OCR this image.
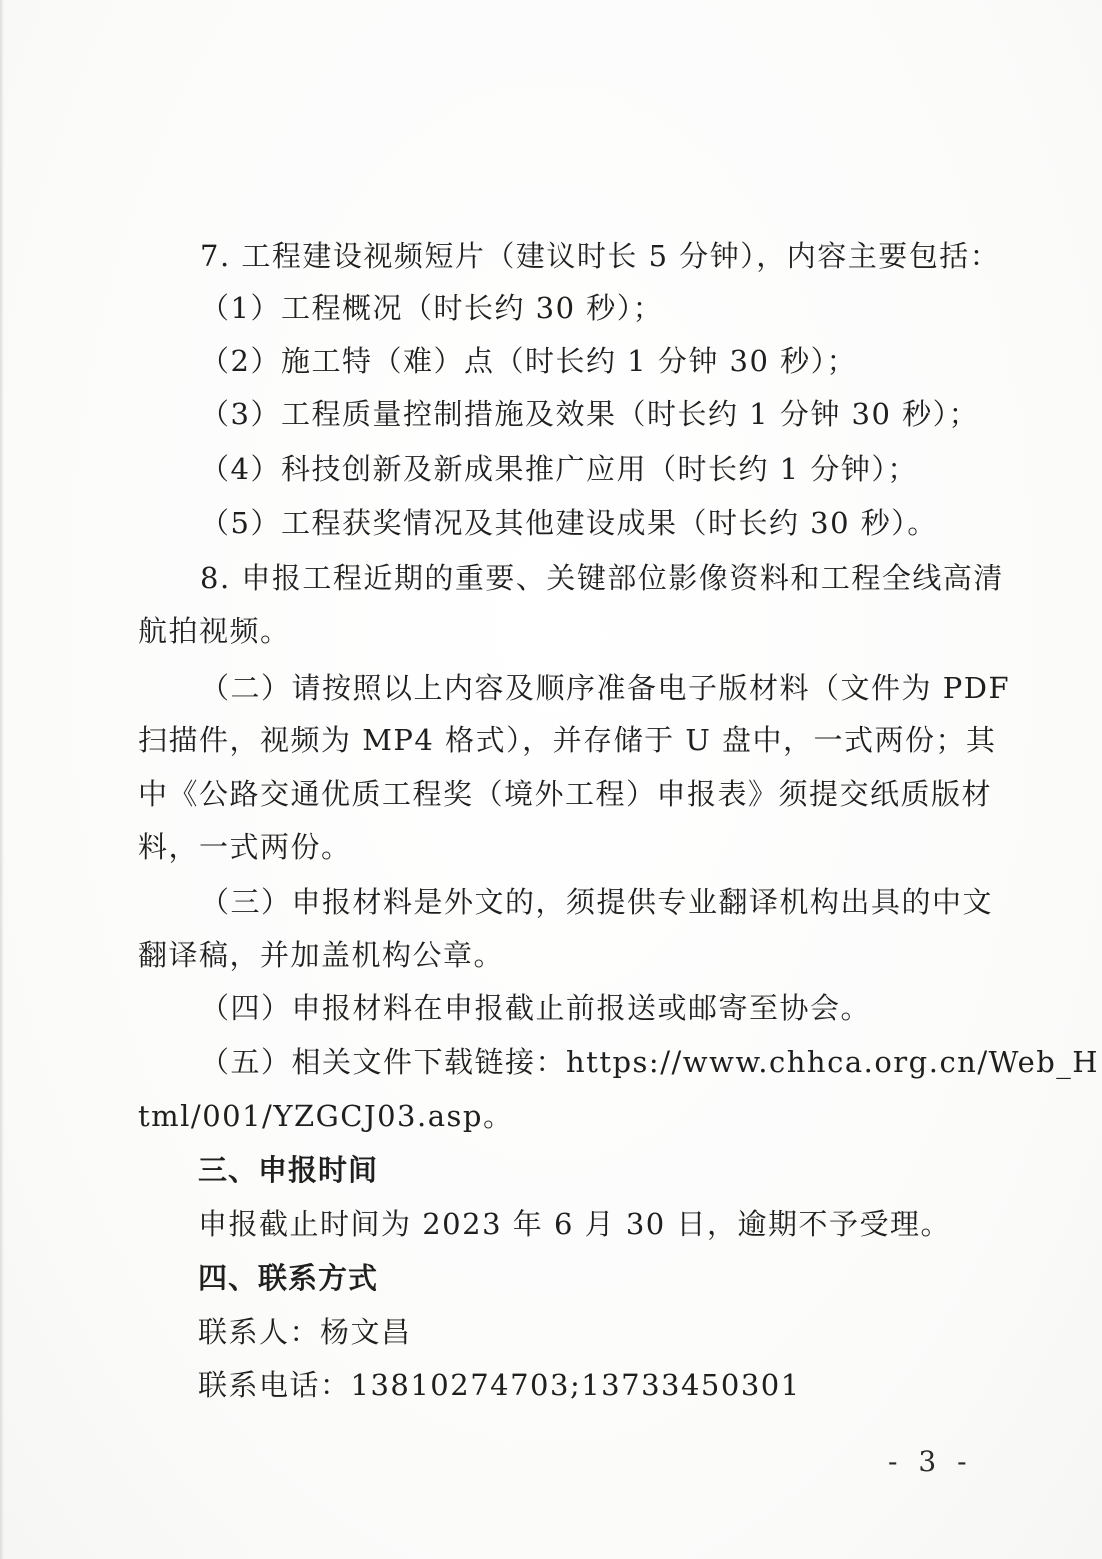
7. 工程建设视频短片（建议时长 5 分钟），内容主要包括：
（1）工程概况（时长约 30 秒）；
（2）施工特（难）点（时长约 1 分钟 30 秒）；
（3）工程质量控制措施及效果（时长约 1 分钟 30 秒）；
（4）科技创新及新成果推广应用（时长约 1 分钟）；
（5）工程获奖情况及其他建设成果（时长约 30 秒）。
8. 申报工程近期的重要、关键部位影像资料和工程全线高清
航拍视频。
（二）请按照以上内容及顺序准备电子版材料（文件为 PDF
扫描件，视频为 MP4 格式），并存储于 U 盘中，一式两份；其
中《公路交通优质工程奖（境外工程）申报表》须提交纸质版材
料，一式两份。
（三）申报材料是外文的，须提供专业翻译机构出具的中文
翻译稿，并加盖机构公章。
（四）申报材料在申报截止前报送或邮寄至协会。
（五）相关文件下载链接：https://www.chhca.org.cn/Web_H
tml/001/YZGCJ03.asp。
三、申报时间
申报截止时间为 2023 年 6 月 30 日，逾期不予受理。
四、联系方式
联系人：杨文昌
联系电话：13810274703;13733450301
- 3 -
